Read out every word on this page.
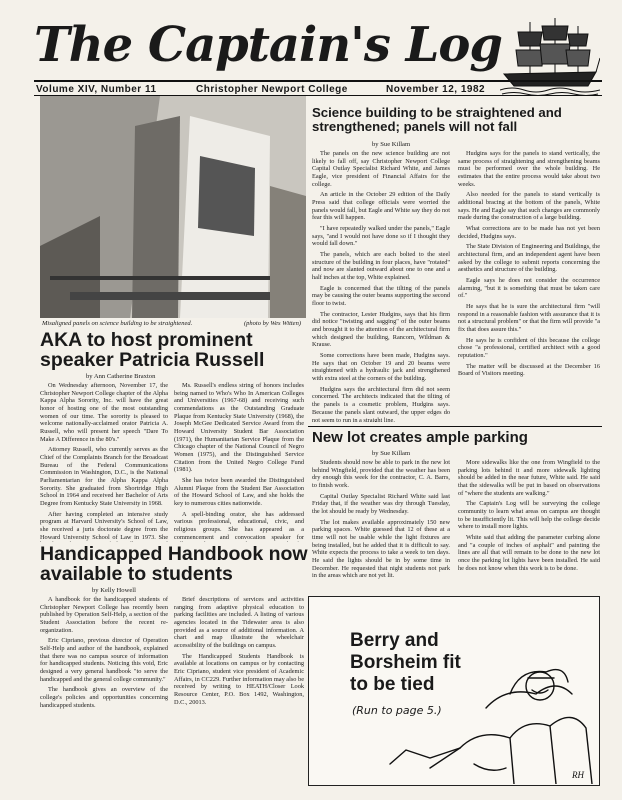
The Captain's Log
Volume XIV, Number 11	Christopher Newport College	November 12, 1982
Misaligned panels on science building to be straightened.	(photo by Wes Witten)
Science building to be straightened and strengthened; panels will not fall
by Sue Killam

The panels on the new science building are not likely to fall off, say Christopher Newport College Capital Outlay Specialist Richard White, and James Eagle, vice president of Financial Affairs for the college.

An article in the October 29 edition of the Daily Press said that college officials were worried the panels would fall, but Eagle and White say they do not fear this will happen.

"I have repeatedly walked under the panels," Eagle says, "and I would not have done so if I thought they would fall down."

The panels, which are each bolted to the steel structure of the building in four places, have "rotated" and now are slanted outward about one to one and a half inches at the top, White explained.

Eagle is concerned that the tilting of the panels may be causing the outer beams supporting the second floor to twist.

The contractor, Lester Hudgins, says that his firm did notice "twisting and sagging" of the outer beams and brought it to the attention of the architectural firm which designed the building, Rancorn, Wildman & Krause.

Some corrections have been made, Hudgins says. He says that on October 19 and 20 beams were straightened with a hydraulic jack and strengthened with extra steel at the corners of the building.

Hudgins says the architectural firm did not seem concerned. The architects indicated that the tilting of the panels is a cosmetic problem, Hudgins says. Because the panels slant outward, the upper edges do not seem to run in a straight line.

Hudgins says for the panels to stand vertically, the same process of straightening and strengthening beams must be performed over the whole building. He estimates that the entire process would take about two weeks.

Also needed for the panels to stand vertically is additional bracing at the bottom of the panels, White says. He and Eagle say that such changes are commonly made during the construction of a large building.

What corrections are to be made has not yet been decided, Hudgins says.

The State Division of Engineering and Buildings, the architectural firm, and an independent agent have been asked by the college to submit reports concerning the aesthetics and structure of the building.

Eagle says he does not consider the occurrence alarming, "but it is something that must be taken care of."

He says that he is sure the architectural firm "will respond in a reasonable fashion with assurance that it is not a structural problem" or that the firm will provide "a fix that does assure this."

He says he is confident of this because the college chose "a professional, certified architect with a good reputation."

The matter will be discussed at the December 16 Board of Visitors meeting.

AKA to host prominent speaker Patricia Russell
by Ann Catherine Braxton

On Wednesday afternoon, November 17, the Christopher Newport College chapter of the Alpha Kappa Alpha Sorority, Inc. will have the great honor of hosting one of the most outstanding women of our time. The sorority is pleased to welcome nationally-acclaimed orator Patricia A. Russell, who will present her speech "Dare To Make A Difference in the 80's."

Attorney Russell, who currently serves as the Chief of the Complaints Branch for the Broadcast Bureau of the Federal Communications Commission in Washington, D.C., is the National Parliamentarian for the Alpha Kappa Alpha Sorority. She graduated from Shortridge High School in 1964 and received her Bachelor of Arts Degree from Kentucky State University in 1968.

After having completed an intensive study program at Harvard University's School of Law, she received a juris doctorate degree from the Howard University School of Law in 1973. She

Ms. Russell's endless string of honors includes being named to Who's Who In American Colleges and Universities (1967-68) and receiving such commendations as the Outstanding Graduate Plaque from Kentucky State University (1968), the Joseph McGee Dedicated Service Award from the Howard University Student Bar Association (1971), the Humanitarian Service Plaque from the Chicago chapter of the National Council of Negro Women (1975), and the Distinguished Service Citation from the United Negro College Fund (1981).

She has twice been awarded the Distinguished Alumni Plaque from the Student Bar Association of the Howard School of Law, and she holds the key to numerous cities nationwide.

A spell-binding orator, she has addressed various professional, educational, civic, and religious groups. She has appeared as a commencement and convocation speaker for

New lot creates ample parking
by Sue Killam

Students should now be able to park in the new lot behind Wingfield, provided that the weather has been dry enough this week for the contractor, C. A. Barrs, to finish work.

Capital Outlay Specialist Richard White said last Friday that, if the weather was dry through Tuesday, the lot should be ready by Wednesday.

The lot makes available approximately 150 new parking spaces. White guessed that 12 of these at a time will not be usable while the light fixtures are being installed, but he added that it is difficult to say. White expects the process to take a week to ten days. He said the lights should be in by some time in December. He requested that night students not park in the areas which are not yet lit.

More sidewalks like the one from Wingfield to the parking lots behind it and more sidewalk lighting should be added in the near future, White said. He said that the sidewalks will be put in based on observations of "where the students are walking."

The Captain's Log will be surveying the college community to learn what areas on campus are thought to be insufficiently lit. This will help the college decide where to install more lights.

White said that adding the parameter curbing alone and "a couple of inches of asphalt" and painting the lines are all that will remain to be done to the new lot once the parking lot lights have been installed. He said he does not know when this work is to be done.

Handicapped Handbook now available to students
by Kelly Howell

A handbook for the handicapped students of Christopher Newport College has recently been published by Operation Self-Help, a section of the Student Association before the recent re-organization.

Eric Cipriano, previous director of Operation Self-Help and author of the handbook, explained that there was no campus source of information for handicapped students. Noticing this void, Eric designed a very general handbook "to serve the handicapped and the general college community."

The handbook gives an overview of the college's policies and opportunities concerning handicapped students.

Brief descriptions of services and activities ranging from adaptive physical education to parking facilities are included. A listing of various agencies located in the Tidewater area is also provided as a source of additional information. A chart and map illustrate the wheelchair accessibility of the buildings on campus.

The Handicapped Students Handbook is available at locations on campus or by contacting Eric Cipriano, student vice president of Academic Affairs, in CC229. Further information may also be received by writing to HEATH/Closer Look Resource Center, P.O. Box 1492, Washington, D.C., 20013.

RH
Berry and Borsheim fit to be tied
(Run to page 5.)
